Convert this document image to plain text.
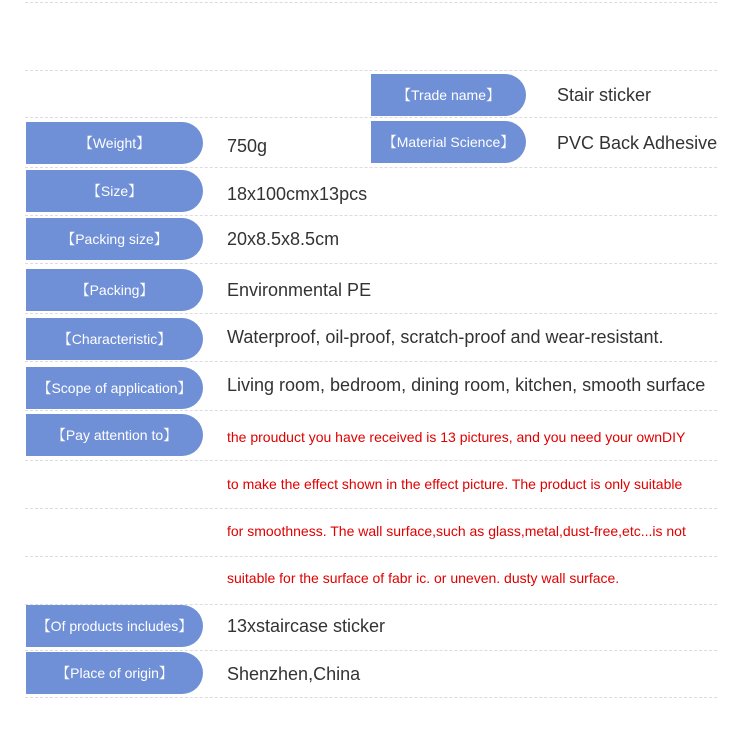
【Trade name】	Stair sticker
【Material Science】	PVC Back Adhesive
【Weight】	750g
【Size】	18x100cmx13pcs
【Packing size】	20x8.5x8.5cm
【Packing】	Environmental PE
【Characteristic】	Waterproof, oil-proof, scratch-proof and wear-resistant.
【Scope of application】	Living room, bedroom, dining room, kitchen, smooth surface
【Pay attention to】	the prouduct you have received is 13 pictures, and you need your ownDIY
to make the effect shown in the effect picture. The product is only suitable
for smoothness. The wall surface,such as glass,metal,dust-free,etc...is not
suitable for the surface of fabr ic. or uneven. dusty wall surface.
【Of products includes】	13xstaircase sticker
【Place of origin】	Shenzhen,China
